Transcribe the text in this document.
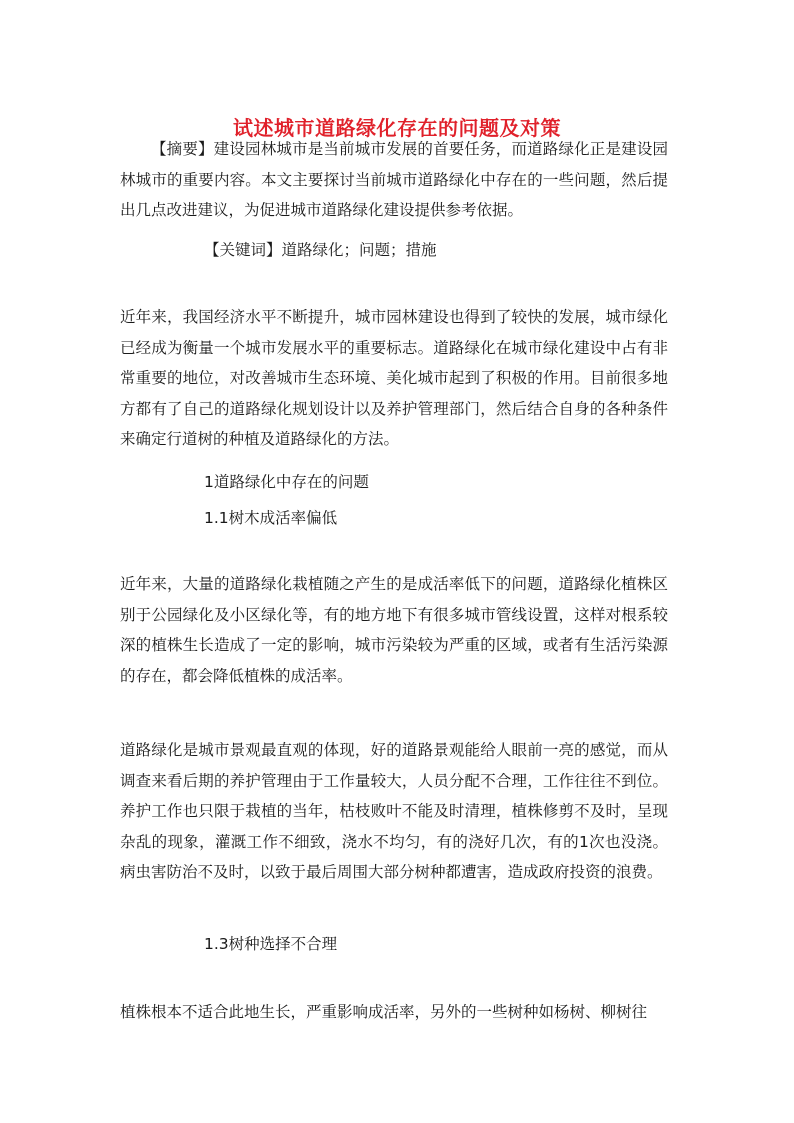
试述城市道路绿化存在的问题及对策

【摘要】建设园林城市是当前城市发展的首要任务，而道路绿化正是建设园林城市的重要内容。本文主要探讨当前城市道路绿化中存在的一些问题，然后提出几点改进建议，为促进城市道路绿化建设提供参考依据。

【关键词】道路绿化；问题；措施

近年来，我国经济水平不断提升，城市园林建设也得到了较快的发展，城市绿化已经成为衡量一个城市发展水平的重要标志。道路绿化在城市绿化建设中占有非常重要的地位，对改善城市生态环境、美化城市起到了积极的作用。目前很多地方都有了自己的道路绿化规划设计以及养护管理部门，然后结合自身的各种条件来确定行道树的种植及道路绿化的方法。

1道路绿化中存在的问题

1.1树木成活率偏低

近年来，大量的道路绿化栽植随之产生的是成活率低下的问题，道路绿化植株区别于公园绿化及小区绿化等，有的地方地下有很多城市管线设置，这样对根系较深的植株生长造成了一定的影响，城市污染较为严重的区域，或者有生活污染源的存在，都会降低植株的成活率。

道路绿化是城市景观最直观的体现，好的道路景观能给人眼前一亮的感觉，而从调查来看后期的养护管理由于工作量较大，人员分配不合理，工作往往不到位。养护工作也只限于栽植的当年，枯枝败叶不能及时清理，植株修剪不及时，呈现杂乱的现象，灌溉工作不细致，浇水不均匀，有的浇好几次，有的1次也没浇。病虫害防治不及时，以致于最后周围大部分树种都遭害，造成政府投资的浪费。

1.3树种选择不合理

植株根本不适合此地生长，严重影响成活率，另外的一些树种如杨树、柳树往
